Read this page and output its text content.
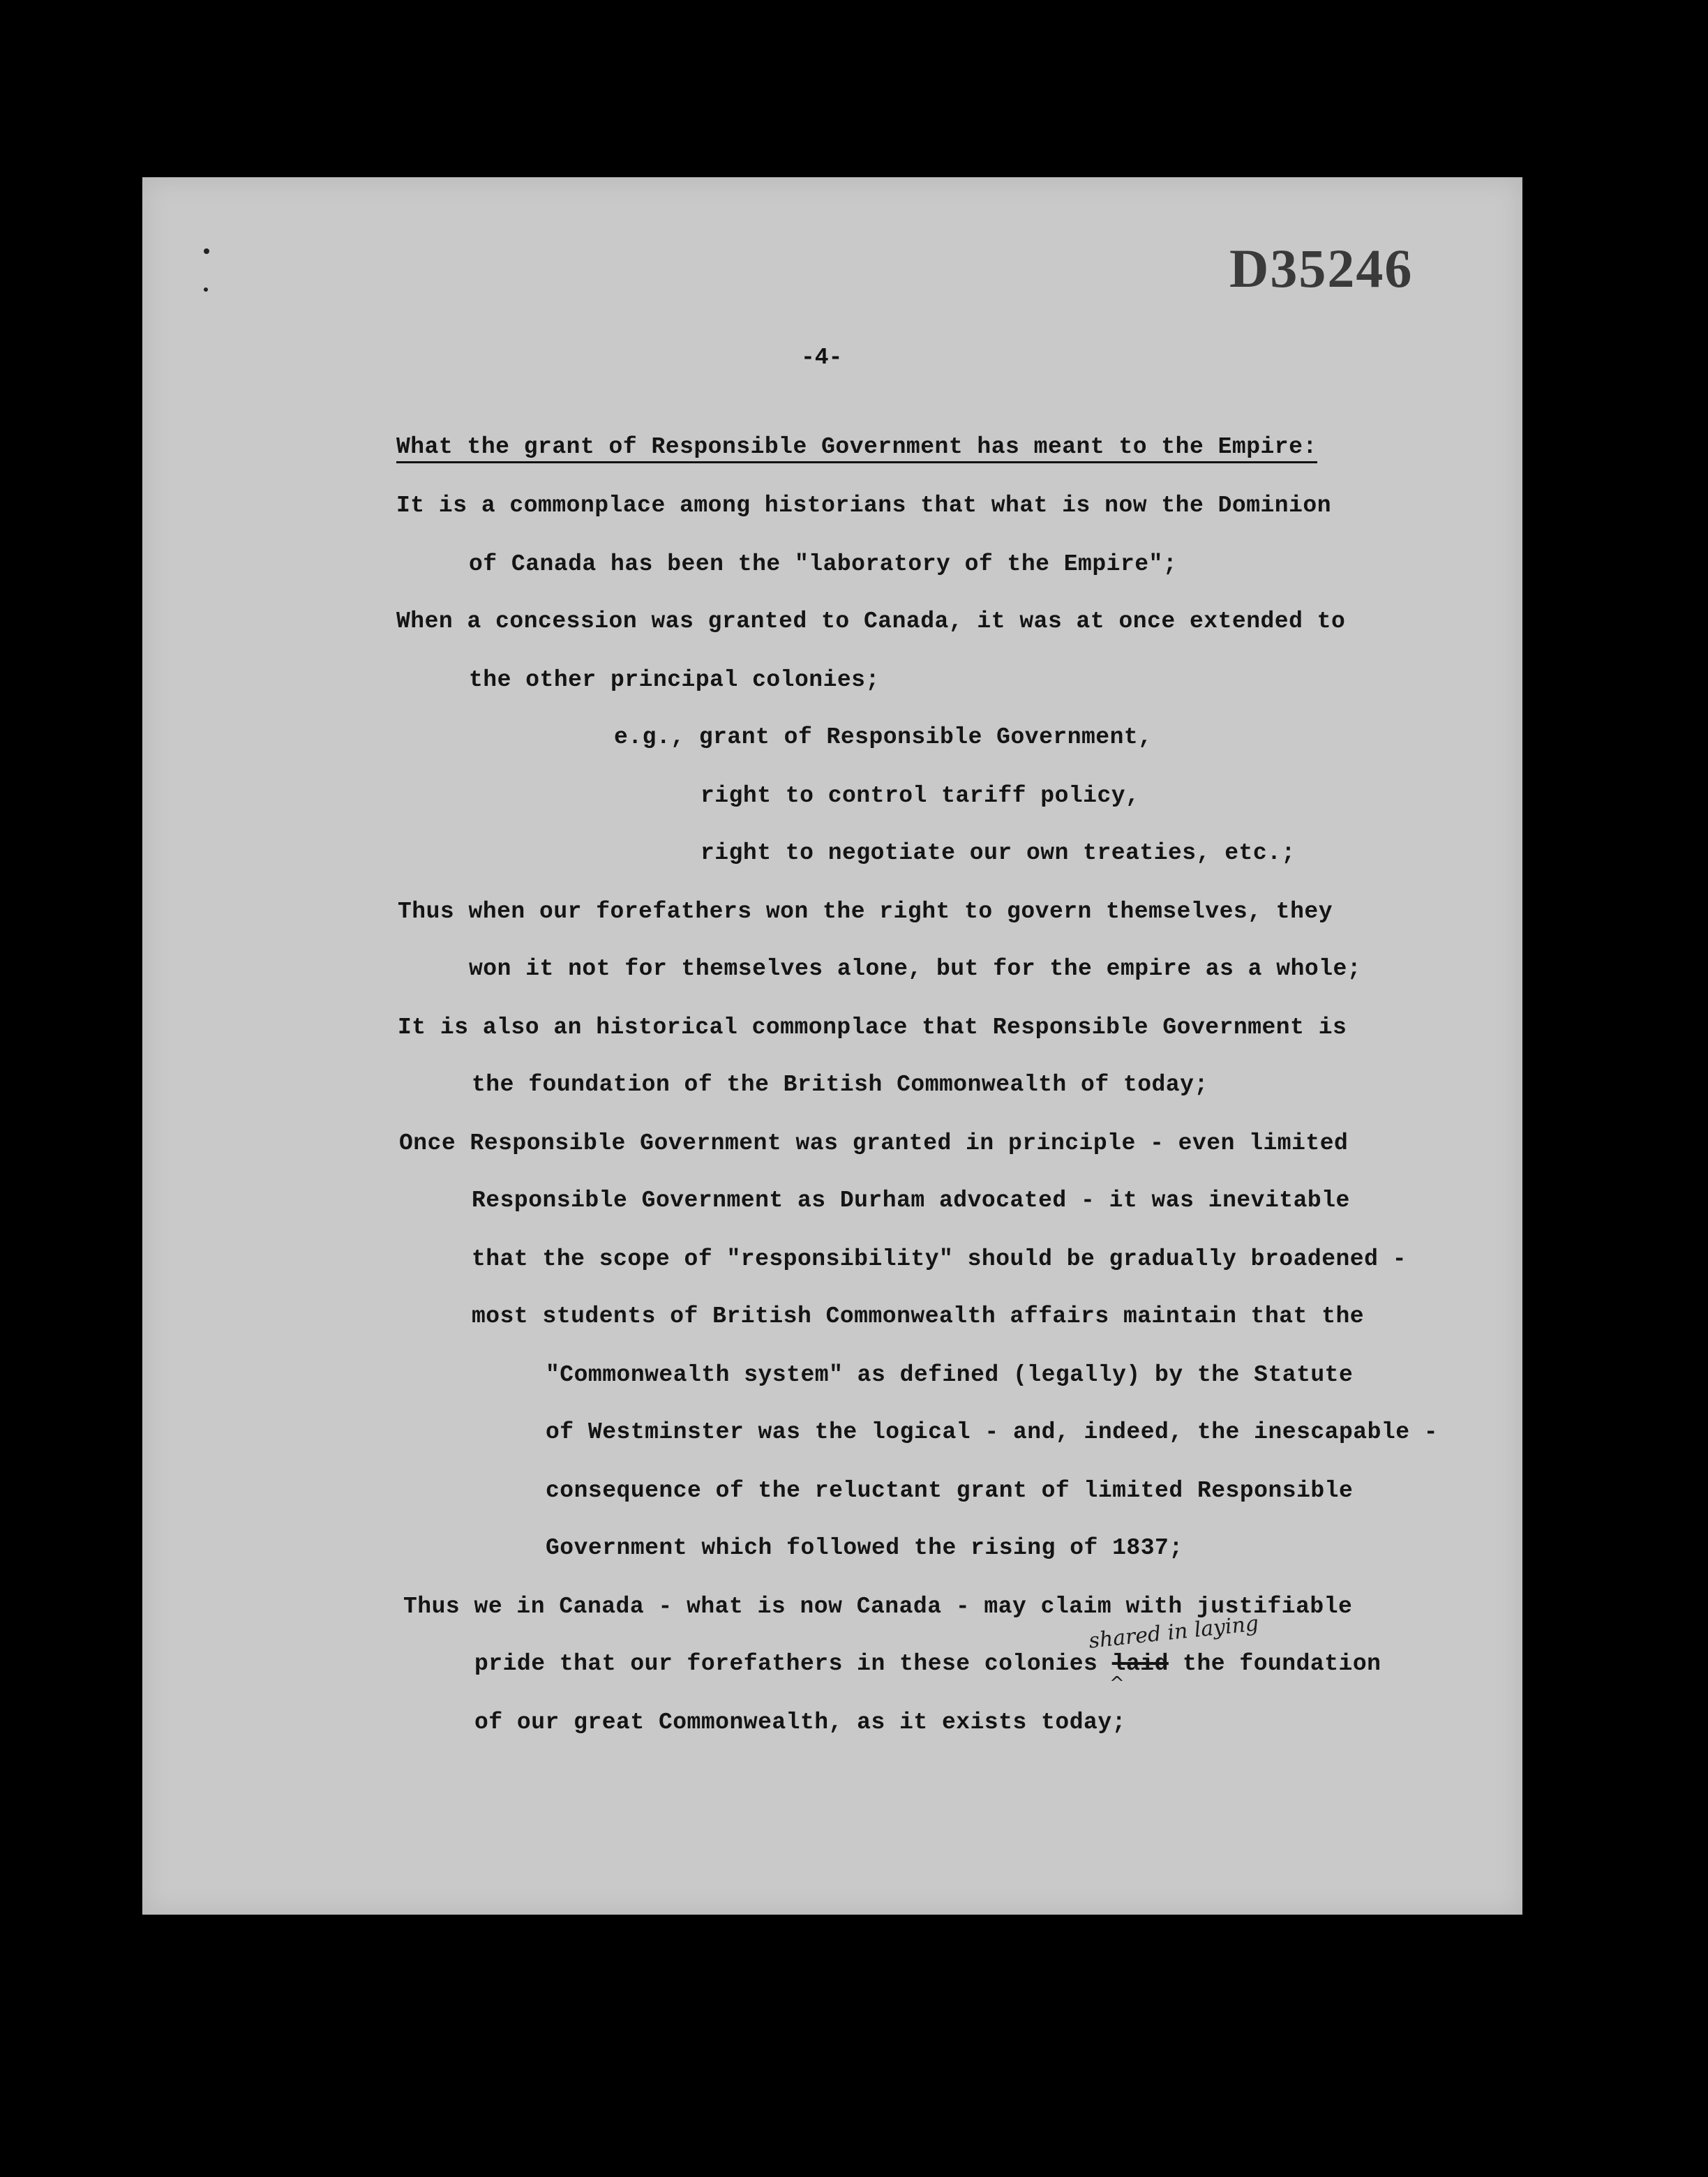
D35246
-4-
What the grant of Responsible Government has meant to the Empire:
It is a commonplace among historians that what is now the Dominion
of Canada has been the "laboratory of the Empire";
When a concession was granted to Canada, it was at once extended to
the other principal colonies;
e.g., grant of Responsible Government,
right to control tariff policy,
right to negotiate our own treaties, etc.;
Thus when our forefathers won the right to govern themselves, they
won it not for themselves alone, but for the empire as a whole;
It is also an historical commonplace that Responsible Government is
the foundation of the British Commonwealth of today;
Once Responsible Government was granted in principle - even limited
Responsible Government as Durham advocated - it was inevitable
that the scope of "responsibility" should be gradually broadened -
most students of British Commonwealth affairs maintain that the
"Commonwealth system" as defined (legally) by the Statute
of Westminster was the logical - and, indeed, the inescapable -
consequence of the reluctant grant of limited Responsible
Government which followed the rising of 1837;
Thus we in Canada - what is now Canada - may claim with justifiable
shared in laying
^
pride that our forefathers in these colonies laid the foundation
of our great Commonwealth, as it exists today;
